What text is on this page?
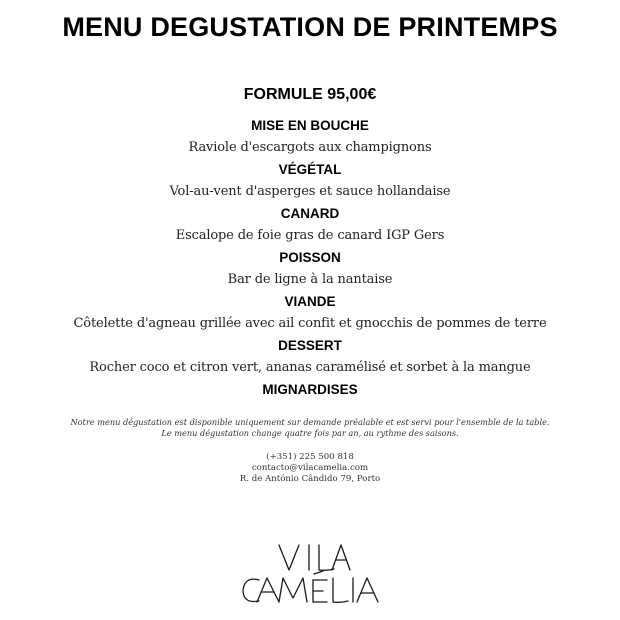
MENU DEGUSTATION DE PRINTEMPS
FORMULE 95,00€
MISE EN BOUCHE
Raviole d'escargots aux champignons
VÉGÉTAL
Vol-au-vent d'asperges et sauce hollandaise
CANARD
Escalope de foie gras de canard IGP Gers
POISSON
Bar de ligne à la nantaise
VIANDE
Côtelette d'agneau grillée avec ail confit et gnocchis de pommes de terre
DESSERT
Rocher coco et citron vert, ananas caramélisé et sorbet à la mangue
MIGNARDISES
Notre menu dégustation est disponible uniquement sur demande préalable et est servi pour l'ensemble de la table.
Le menu dégustation change quatre fois par an, au rythme des saisons.
(+351) 225 500 818
contacto@vilacamelia.com
R. de António Cândido 79, Porto
